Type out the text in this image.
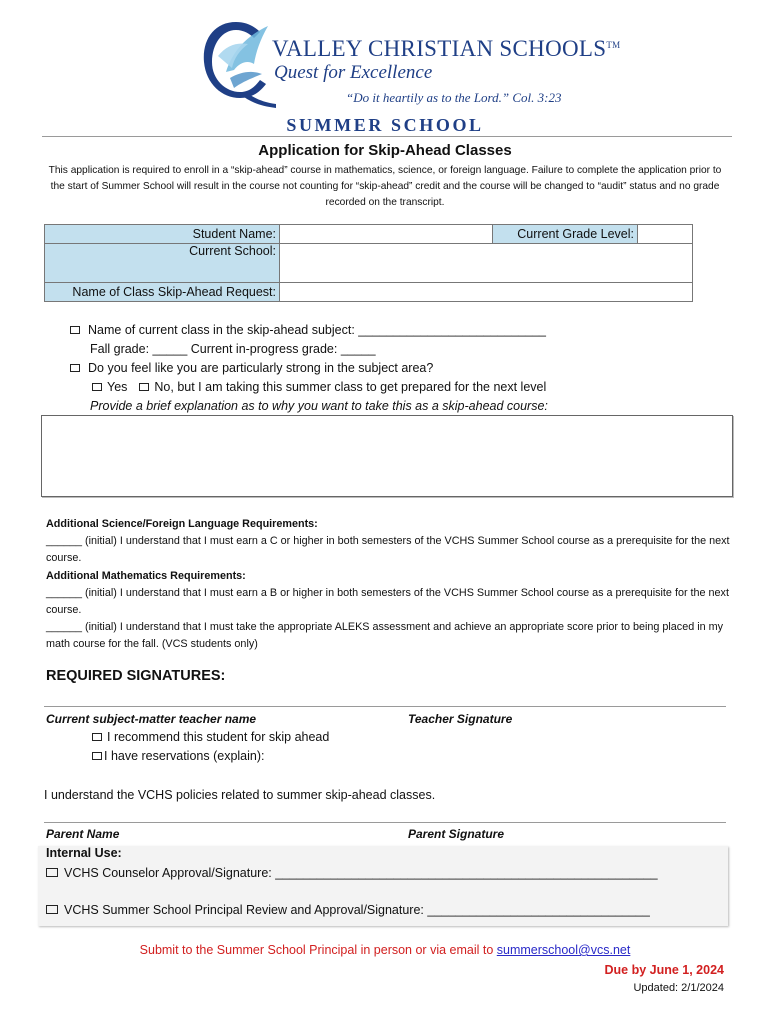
VALLEY CHRISTIAN SCHOOLS™
Quest for Excellence
“Do it heartily as to the Lord.” Col. 3:23
SUMMER SCHOOL
Application for Skip-Ahead Classes
This application is required to enroll in a “skip-ahead” course in mathematics, science, or foreign language. Failure to complete the application prior to the start of Summer School will result in the course not counting for “skip-ahead” credit and the course will be changed to “audit” status and no grade recorded on the transcript.
Student Name:		Current Grade Level:	
Current School:			
Name of Class Skip-Ahead Request:			
Name of current class in the skip-ahead subject: ___________________________
Fall grade: _____ Current in-progress grade: _____
Do you feel like you are particularly strong in the subject area?
Yes No, but I am taking this summer class to get prepared for the next level
Provide a brief explanation as to why you want to take this as a skip-ahead course:
Additional Science/Foreign Language Requirements:
______ (initial) I understand that I must earn a C or higher in both semesters of the VCHS Summer School course as a prerequisite for the next course.
Additional Mathematics Requirements:
______ (initial) I understand that I must earn a B or higher in both semesters of the VCHS Summer School course as a prerequisite for the next course.
______ (initial) I understand that I must take the appropriate ALEKS assessment and achieve an appropriate score prior to being placed in my math course for the fall. (VCS students only)
REQUIRED SIGNATURES:
Current subject-matter teacher name	Teacher Signature
I recommend this student for skip ahead
I have reservations (explain):
I understand the VCHS policies related to summer skip-ahead classes.
Parent Name	Parent Signature
Internal Use:
VCHS Counselor Approval/Signature: _______________________________________________________
VCHS Summer School Principal Review and Approval/Signature: ________________________________
Submit to the Summer School Principal in person or via email to summerschool@vcs.net
Due by June 1, 2024
Updated: 2/1/2024
